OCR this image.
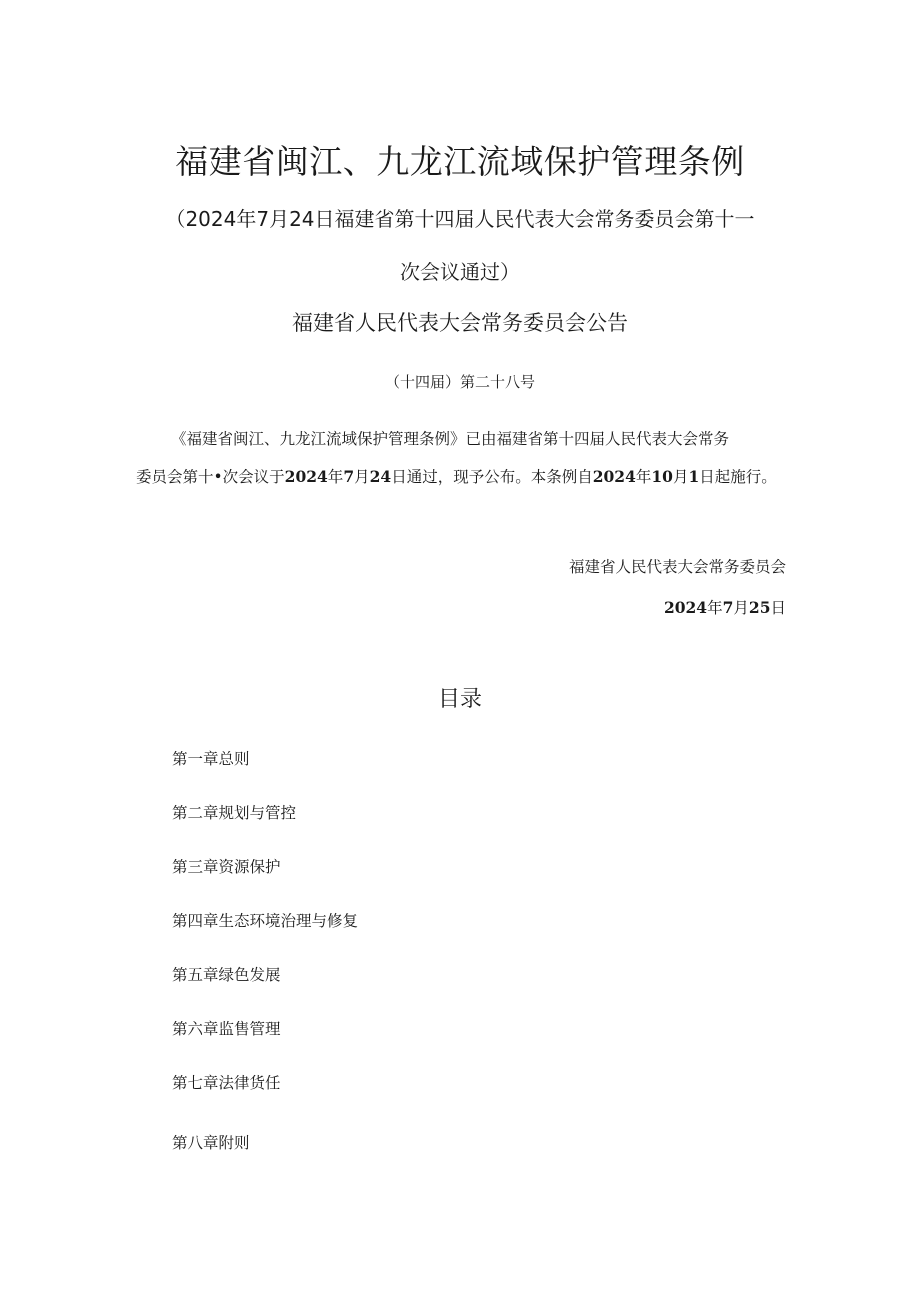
福建省闽江、九龙江流域保护管理条例
（2024年7月24日福建省第十四届人民代表大会常务委员会第十一
次会议通过）
福建省人民代表大会常务委员会公告
（十四届）第二十八号
《福建省闽江、九龙江流域保护管理条例》已由福建省第十四届人民代表大会常务
委员会第十•次会议于2024年7月24日通过，现予公布。本条例自2024年10月1日起施行。
福建省人民代表大会常务委员会
2024年7月25日
目录
第一章总则
第二章规划与管控
第三章资源保护
第四章生态环境治理与修复
第五章绿色发展
第六章监售管理
第七章法律货任
第八章附则
